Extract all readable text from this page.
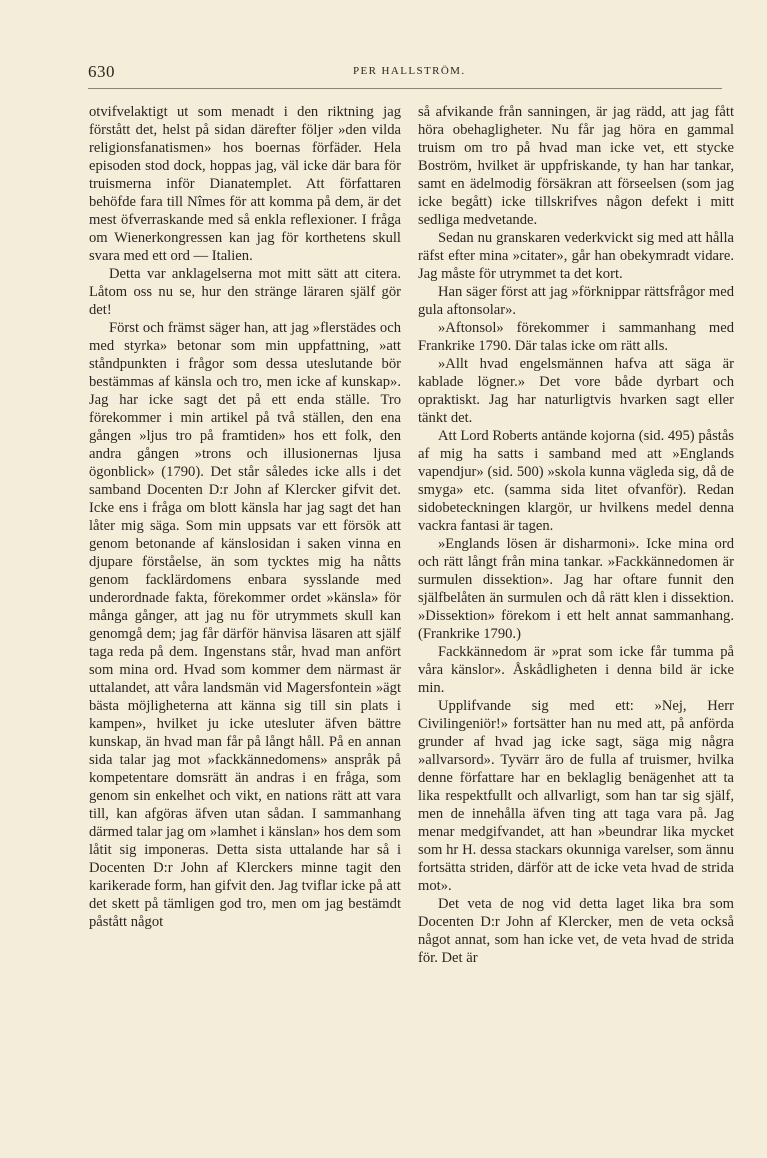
630	PER HALLSTRÖM.

otvifvelaktigt ut som menadt i den riktning jag förstått det, helst på sidan därefter följer »den vilda religionsfanatismen» hos boernas förfäder. Hela episoden stod dock, hoppas jag, väl icke där bara för truismerna inför Dianatemplet. Att författaren behöfde fara till Nîmes för att komma på dem, är det mest öfverraskande med så enkla reflexioner. I fråga om Wienerkongressen kan jag för korthetens skull svara med ett ord — Italien.

Detta var anklagelserna mot mitt sätt att citera. Låtom oss nu se, hur den stränge läraren själf gör det!

Först och främst säger han, att jag »flerstädes och med styrka» betonar som min uppfattning, »att ståndpunkten i frågor som dessa uteslutande bör bestämmas af känsla och tro, men icke af kunskap». Jag har icke sagt det på ett enda ställe. Tro förekommer i min artikel på två ställen, den ena gången »ljus tro på framtiden» hos ett folk, den andra gången »trons och illusionernas ljusa ögonblick» (1790). Det står således icke alls i det samband Docenten D:r John af Klercker gifvit det. Icke ens i fråga om blott känsla har jag sagt det han låter mig säga. Som min uppsats var ett försök att genom betonande af känslosidan i saken vinna en djupare förståelse, än som tycktes mig ha nåtts genom facklärdomens enbara sysslande med underordnade fakta, förekommer ordet »känsla» för många gånger, att jag nu för utrymmets skull kan genomgå dem; jag får därför hänvisa läsaren att själf taga reda på dem. Ingenstans står, hvad man anfört som mina ord. Hvad som kommer dem närmast är uttalandet, att våra landsmän vid Magersfontein »ägt bästa möjligheterna att känna sig till sin plats i kampen», hvilket ju icke utesluter äfven bättre kunskap, än hvad man får på långt håll. På en annan sida talar jag mot »fackkännedomens» anspråk på kompetentare domsrätt än andras i en fråga, som genom sin enkelhet och vikt, en nations rätt att vara till, kan afgöras äfven utan sådan. I sammanhang därmed talar jag om »lamhet i känslan» hos dem som låtit sig imponeras. Detta sista uttalande har så i Docenten D:r John af Klerckers minne tagit den karikerade form, han gifvit den. Jag tviflar icke på att det skett på tämligen god tro, men om jag bestämdt påstått något

så afvikande från sanningen, är jag rädd, att jag fått höra obehagligheter. Nu får jag höra en gammal truism om tro på hvad man icke vet, ett stycke Boström, hvilket är uppfriskande, ty han har tankar, samt en ädelmodig försäkran att förseelsen (som jag icke begått) icke tillskrifves någon defekt i mitt sedliga medvetande.

Sedan nu granskaren vederkvickt sig med att hålla räfst efter mina »citater», går han obekymradt vidare. Jag måste för utrymmet ta det kort.

Han säger först att jag »förknippar rättsfrågor med gula aftonsolar».

»Aftonsol» förekommer i sammanhang med Frankrike 1790. Där talas icke om rätt alls.

»Allt hvad engelsmännen hafva att säga är kablade lögner.» Det vore både dyrbart och opraktiskt. Jag har naturligtvis hvarken sagt eller tänkt det.

Att Lord Roberts antände kojorna (sid. 495) påstås af mig ha satts i samband med att »Englands vapendjur» (sid. 500) »skola kunna vägleda sig, då de smyga» etc. (samma sida litet ofvanför). Redan sidobeteckningen klargör, ur hvilkens medel denna vackra fantasi är tagen.

»Englands lösen är disharmoni». Icke mina ord och rätt långt från mina tankar. »Fackkännedomen är surmulen dissektion». Jag har oftare funnit den själfbelåten än surmulen och då rätt klen i dissektion. »Dissektion» förekom i ett helt annat sammanhang. (Frankrike 1790.)

Fackkännedom är »prat som icke får tumma på våra känslor». Åskådligheten i denna bild är icke min.

Upplifvande sig med ett: »Nej, Herr Civilingeniör!» fortsätter han nu med att, på anförda grunder af hvad jag icke sagt, säga mig några »allvarsord». Tyvärr äro de fulla af truismer, hvilka denne författare har en beklaglig benägenhet att ta lika respektfullt och allvarligt, som han tar sig själf, men de innehålla äfven ting att taga vara på. Jag menar medgifvandet, att han »beundrar lika mycket som hr H. dessa stackars okunniga varelser, som ännu fortsätta striden, därför att de icke veta hvad de strida mot».

Det veta de nog vid detta laget lika bra som Docenten D:r John af Klercker, men de veta också något annat, som han icke vet, de veta hvad de strida för. Det är
